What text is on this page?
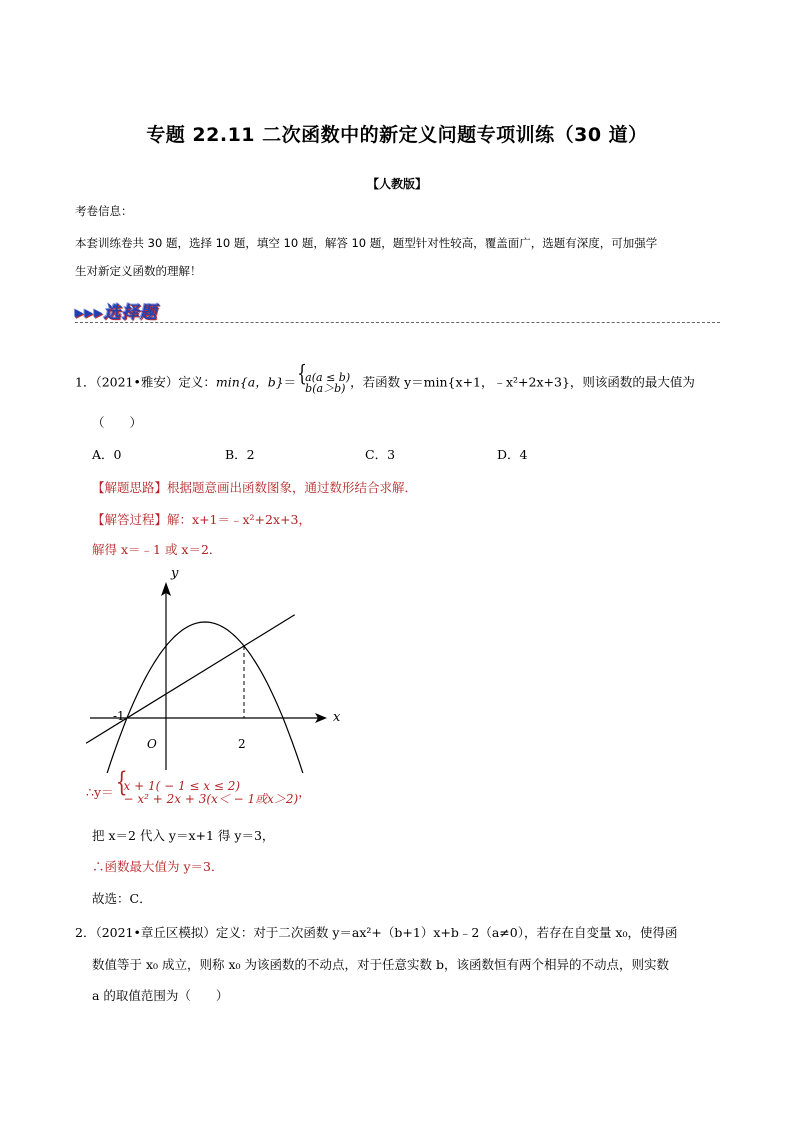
专题 22.11 二次函数中的新定义问题专项训练（30 道）
【人教版】
考卷信息：
本套训练卷共 30 题，选择 10 题，填空 10 题，解答 10 题，题型针对性较高，覆盖面广，选题有深度，可加强学
生对新定义函数的理解！
▸▸▸选择题
1．（2021•雅安）定义：min{a，b}＝ { a(a ≤ b)
b(a＞b) ，若函数 y＝min{x+1，﹣x²+2x+3}，则该函数的最大值为
（　　）
A．0	B．2	C．3	D．4
【解题思路】根据题意画出函数图象，通过数形结合求解．
【解答过程】解：x+1＝﹣x²+2x+3，
解得 x＝﹣1 或 x＝2．
y
x
-1
O	2
∴y＝ { x + 1( − 1 ≤ x ≤ 2)
− x² + 2x + 3(x＜ − 1或x＞2) ，
把 x＝2 代入 y＝x+1 得 y＝3，
∴函数最大值为 y＝3．
故选：C．
2．（2021•章丘区模拟）定义：对于二次函数 y＝ax²+（b+1）x+b﹣2（a≠0），若存在自变量 x₀，使得函
数值等于 x₀ 成立，则称 x₀ 为该函数的不动点，对于任意实数 b，该函数恒有两个相异的不动点，则实数
a 的取值范围为（　　）
